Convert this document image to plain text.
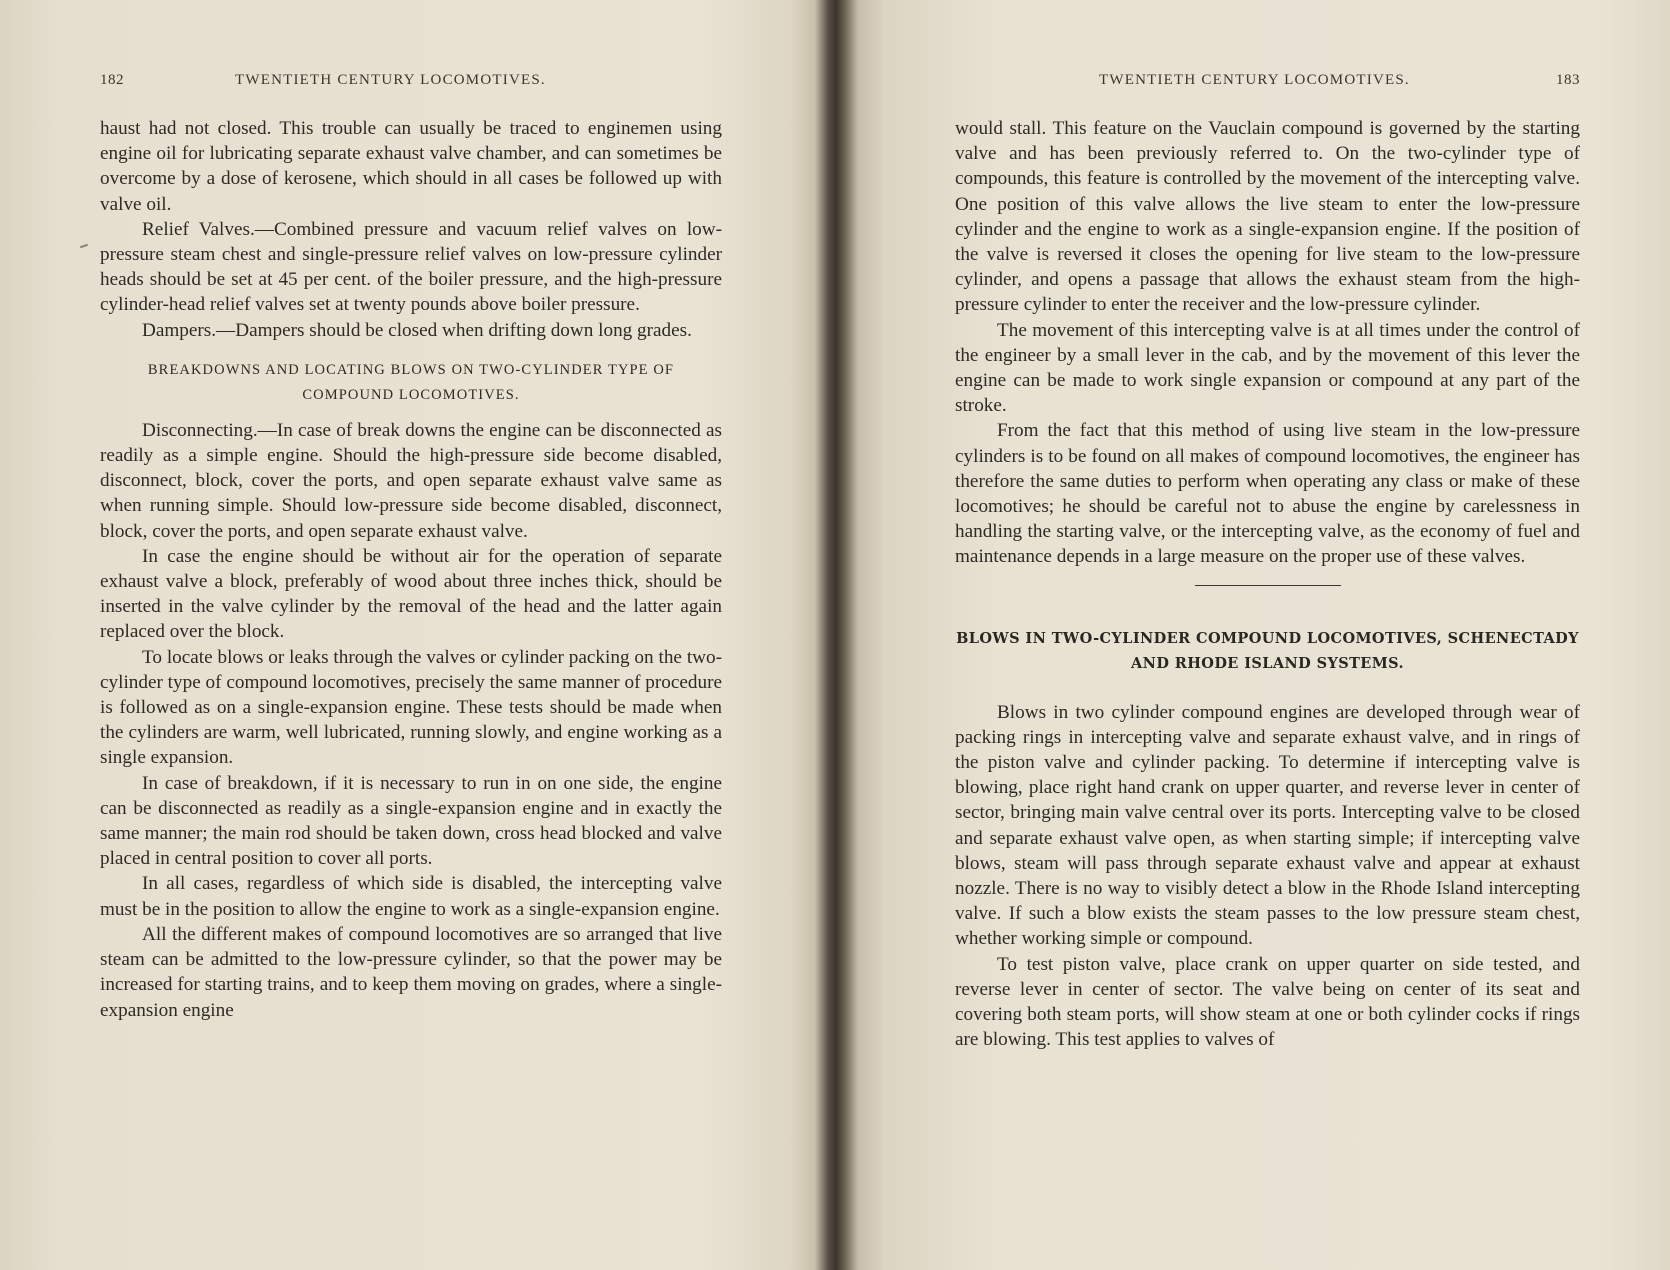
182	TWENTIETH CENTURY LOCOMOTIVES.

haust had not closed. This trouble can usually be traced to enginemen using engine oil for lubricating separate exhaust valve chamber, and can sometimes be overcome by a dose of kerosene, which should in all cases be followed up with valve oil.

Relief Valves.—Combined pressure and vacuum relief valves on low-pressure steam chest and single-pressure relief valves on low-pressure cylinder heads should be set at 45 per cent. of the boiler pressure, and the high-pressure cylinder-head relief valves set at twenty pounds above boiler pressure.

Dampers.—Dampers should be closed when drifting down long grades.

BREAKDOWNS AND LOCATING BLOWS ON TWO-CYLINDER TYPE OF COMPOUND LOCOMOTIVES.

Disconnecting.—In case of break downs the engine can be disconnected as readily as a simple engine. Should the high-pressure side become disabled, disconnect, block, cover the ports, and open separate exhaust valve same as when running simple. Should low-pressure side become disabled, disconnect, block, cover the ports, and open separate exhaust valve.

In case the engine should be without air for the operation of separate exhaust valve a block, preferably of wood about three inches thick, should be inserted in the valve cylinder by the removal of the head and the latter again replaced over the block.

To locate blows or leaks through the valves or cylinder packing on the two-cylinder type of compound locomotives, precisely the same manner of procedure is followed as on a single-expansion engine. These tests should be made when the cylinders are warm, well lubricated, running slowly, and engine working as a single expansion.

In case of breakdown, if it is necessary to run in on one side, the engine can be disconnected as readily as a single-expansion engine and in exactly the same manner; the main rod should be taken down, cross head blocked and valve placed in central position to cover all ports.

In all cases, regardless of which side is disabled, the intercepting valve must be in the position to allow the engine to work as a single-expansion engine.

All the different makes of compound locomotives are so arranged that live steam can be admitted to the low-pressure cylinder, so that the power may be increased for starting trains, and to keep them moving on grades, where a single-expansion engine

TWENTIETH CENTURY LOCOMOTIVES.	183

would stall. This feature on the Vauclain compound is governed by the starting valve and has been previously referred to. On the two-cylinder type of compounds, this feature is controlled by the movement of the intercepting valve. One position of this valve allows the live steam to enter the low-pressure cylinder and the engine to work as a single-expansion engine. If the position of the valve is reversed it closes the opening for live steam to the low-pressure cylinder, and opens a passage that allows the exhaust steam from the high-pressure cylinder to enter the receiver and the low-pressure cylinder.

The movement of this intercepting valve is at all times under the control of the engineer by a small lever in the cab, and by the movement of this lever the engine can be made to work single expansion or compound at any part of the stroke.

From the fact that this method of using live steam in the low-pressure cylinders is to be found on all makes of compound locomotives, the engineer has therefore the same duties to perform when operating any class or make of these locomotives; he should be careful not to abuse the engine by carelessness in handling the starting valve, or the intercepting valve, as the economy of fuel and maintenance depends in a large measure on the proper use of these valves.

BLOWS IN TWO-CYLINDER COMPOUND LOCOMOTIVES, SCHENECTADY AND RHODE ISLAND SYSTEMS.

Blows in two cylinder compound engines are developed through wear of packing rings in intercepting valve and separate exhaust valve, and in rings of the piston valve and cylinder packing. To determine if intercepting valve is blowing, place right hand crank on upper quarter, and reverse lever in center of sector, bringing main valve central over its ports. Intercepting valve to be closed and separate exhaust valve open, as when starting simple; if intercepting valve blows, steam will pass through separate exhaust valve and appear at exhaust nozzle. There is no way to visibly detect a blow in the Rhode Island intercepting valve. If such a blow exists the steam passes to the low pressure steam chest, whether working simple or compound.

To test piston valve, place crank on upper quarter on side tested, and reverse lever in center of sector. The valve being on center of its seat and covering both steam ports, will show steam at one or both cylinder cocks if rings are blowing. This test applies to valves of
